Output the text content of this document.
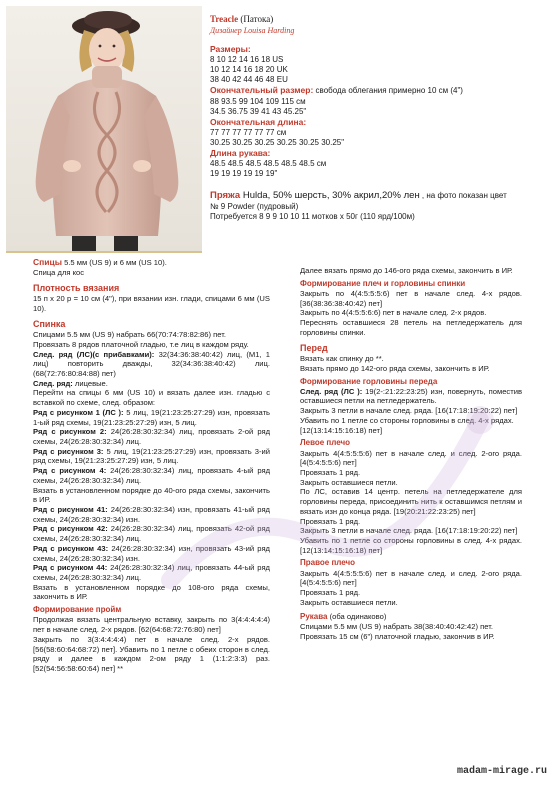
Treacle (Патока)
Дизайнер Louisa Harding
Размеры:
8 10 12 14 16 18 US
10 12 14 16 18 20 UK
38 40 42 44 46 48 EU
Окончательный размер: свобода облегания примерно 10 см (4")
88 93.5 99 104 109 115 см
34.5 36.75 39 41 43 45.25"
Окончательная длина:
77 77 77 77 77 77 см
30.25 30.25 30.25 30.25 30.25 30.25"
Длина рукава:
48.5 48.5 48.5 48.5 48.5 48.5 см
19 19 19 19 19 19"
Пряжа Hulda, 50% шерсть, 30% акрил,20% лен , на фото показан цвет
№ 9 Powder (пудровый)
Потребуется 8 9 9 10 10 11 мотков х 50г (110 ярд/100м)
Спицы 5.5 мм (US 9) и 6 мм (US 10).
Спица для кос
Плотность вязания
15 п х 20 р = 10 см (4"), при вязании изн. глади, спицами 6 мм (US 10).
Спинка
Спицами 5.5 мм (US 9) набрать 66(70:74:78:82:86) пет.
Провязать 8 рядов платочной гладью, т.е лиц в каждом ряду.
След. ряд (ЛС)(с прибавками): 32(34:36:38:40:42) лиц, (М1, 1 лиц) повторить дважды, 32(34:36:38:40:42) лиц. (68(72:76:80:84:88) пет)
След. ряд: лицевые.
Перейти на спицы 6 мм (US 10) и вязать далее изн. гладью с вставкой по схеме, след. образом:
Ряд с рисунком 1 (ЛС ): 5 лиц, 19(21:23:25:27:29) изн, провязать 1-ый ряд схемы, 19(21:23:25:27:29) изн, 5 лиц.
Ряд с рисунком 2: 24(26:28:30:32:34) лиц, провязать 2-ой ряд схемы, 24(26:28:30:32:34) лиц.
Ряд с рисунком 3: 5 лиц, 19(21:23:25:27:29) изн, провязать 3-ий ряд схемы, 19(21:23:25:27:29) изн, 5 лиц.
Ряд с рисунком 4: 24(26:28:30:32:34) лиц, провязать 4-ый ряд схемы, 24(26:28:30:32:34) лиц.
Вязать в установленном порядке до 40-ого ряда схемы, закончить в ИР.
Ряд с рисунком 41: 24(26:28:30:32:34) изн, провязать 41-ый ряд схемы, 24(26:28:30:32:34) изн.
Ряд с рисунком 42: 24(26:28:30:32:34) лиц, провязать 42-ой ряд схемы, 24(26:28:30:32:34) лиц.
Ряд с рисунком 43: 24(26:28:30:32:34) изн, провязать 43-ий ряд схемы, 24(26:28:30:32:34) изн.
Ряд с рисунком 44: 24(26:28:30:32:34) лиц, провязать 44-ый ряд схемы, 24(26:28:30:32:34) лиц.
Вязать в установленном порядке до 108-ого ряда схемы, закончить в ИР.
Формирование пройм
Продолжая вязать центральную вставку, закрыть по 3(4:4:4:4:4) пет в начале след. 2-х рядов. [62(64:68:72:76:80) пет]
Закрыть по 3(3:4:4:4:4) пет в начале след. 2-х рядов. [56(58:60:64:68:72) пет]. Убавить по 1 петле с обеих сторон в след. ряду и далее в каждом 2-ом ряду 1 (1:1:2:3:3) раз. [52(54:56:58:60:64) пет] **
Далее вязать прямо до 146-ого ряда схемы, закончить в ИР.
Формирование плеч и горловины спинки
Закрыть по 4(4:5:5:5:6) пет в начале след. 4-х рядов. [36(38:36:38:40:42) пет]
Закрыть по 4(4:5:5:6:6) пет в начале след. 2-х рядов.
Переснять оставшиеся 28 петель на петледержатель для горловины спинки.
Перед
Вязать как спинку до **.
Вязать прямо до 142-ого ряда схемы, закончить в ИР.
Формирование горловины переда
След. ряд (ЛС ): 19(2-:21:22:23:25) изн, повернуть, поместив оставшиеся петли на петледержатель.
Закрыть 3 петли в начале след. ряда. [16(17:18:19:20:22) пет]
Убавить по 1 петле со стороны горловины в след. 4-х рядах.
[12(13:14:15:16:18) пет]
Левое плечо
Закрыть 4(4:5:5:5:6) пет в начале след. и след. 2-ого ряда. [4(5:4:5:5:6) пет]
Провязать 1 ряд.
Закрыть оставшиеся петли.
По ЛС, оставив 14 центр. петель на петледержателе для горловины переда, присоединить нить к оставшимся петлям и вязать изн до конца ряда. [19(20:21:22:23:25) пет]
Провязать 1 ряд.
Закрыть 3 петли в начале след. ряда. [16(17:18:19:20:22) пет]
Убавить по 1 петле со стороны горловины в след. 4-х рядах. [12(13:14:15:16:18) пет]
Правое плечо
Закрыть 4(4:5:5:5:6) пет в начале след. и след. 2-ого ряда. [4(5:4:5:5:6) пет]
Провязать 1 ряд.
Закрыть оставшиеся петли.
Рукава (оба одинаково)
Спицами 5.5 мм (US 9) набрать 38(38:40:40:42:42) пет.
Провязать 15 см (6") платочной гладью, закончив в ИР.
madam-mirage.ru
